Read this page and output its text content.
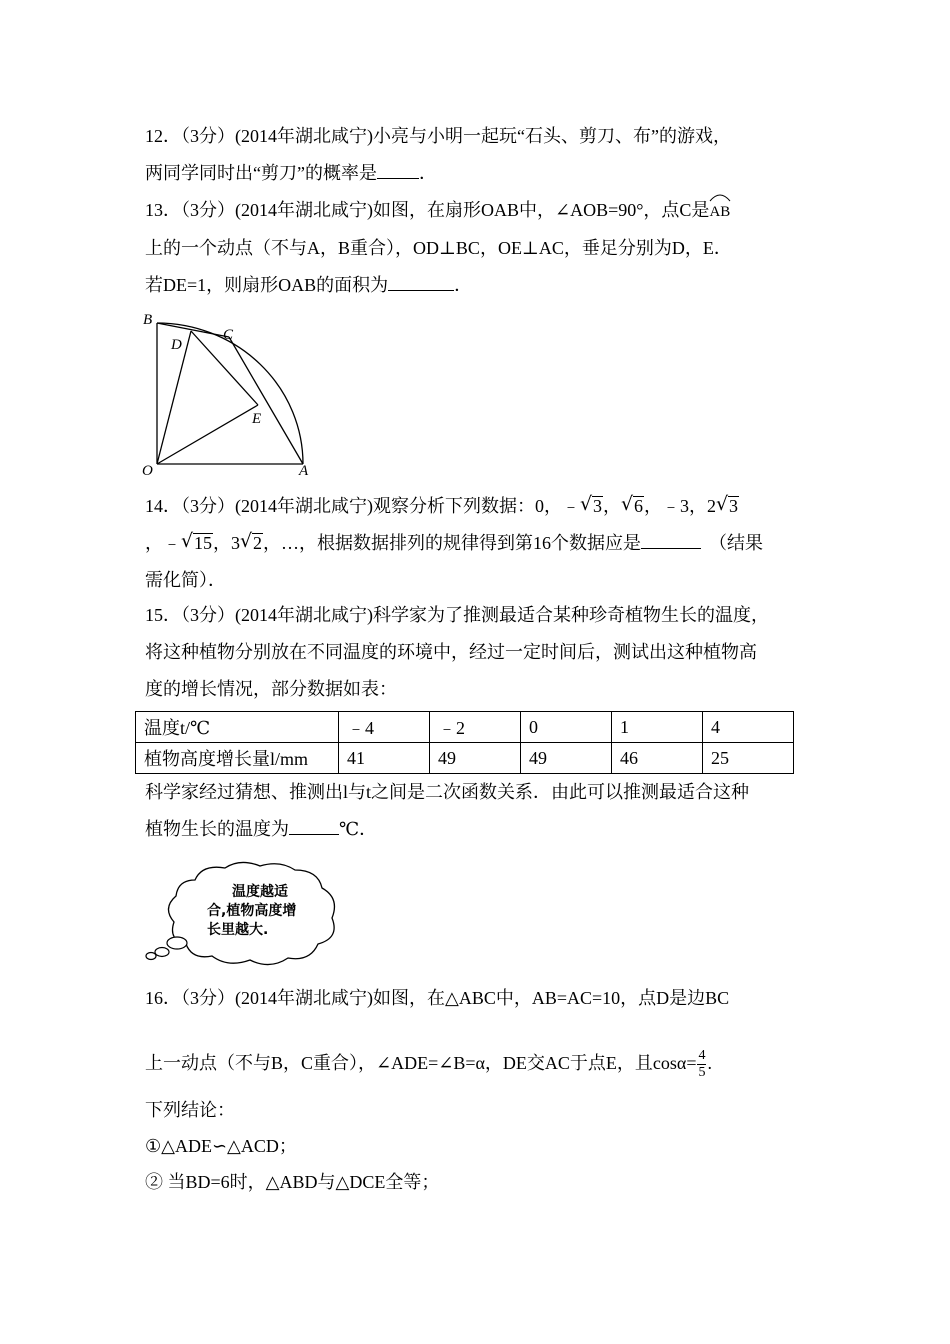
12．（3分）(2014年湖北咸宁)小亮与小明一起玩“石头、剪刀、布”的游戏，
两同学同时出“剪刀”的概率是 ．
13．（3分）(2014年湖北咸宁)如图，在扇形OAB中，∠AOB=90°，点C是
AB
上的一个动点（不与A，B重合），OD⊥BC，OE⊥AC，垂足分别为D，E．
若DE=1，则扇形OAB的面积为	．
B
C
D
E
O	A
14．（3分）(2014年湖北咸宁)观察分析下列数据：0，﹣ √ 3， √ 6，﹣3，2 √ 3
，﹣ √ 15，3 √ 2，…，根据数据排列的规律得到第16个数据应是	（结果
需化简）．
15．（3分）(2014年湖北咸宁)科学家为了推测最适合某种珍奇植物生长的温度，
将这种植物分别放在不同温度的环境中，经过一定时间后，测试出这种植物高
度的增长情况，部分数据如表：
温度t/℃	﹣4	﹣2	0	1	4
植物高度增长量l/mm	41	49	49	46	25
科学家经过猜想、推测出l与t之间是二次函数关系．由此可以推测最适合这种
植物生长的温度为	℃．
温度越适
合,植物高度增
长里越大.
16．（3分）(2014年湖北咸宁)如图，在△ABC中，AB=AC=10，点D是边BC
上一动点（不与B，C重合），∠ADE=∠B=α，DE交AC于点E，且$\cos\alpha= \frac{4}{5}$ .
下列结论：
①△ADE∽△ACD；
② 当BD=6时，△ABD与△DCE全等；
